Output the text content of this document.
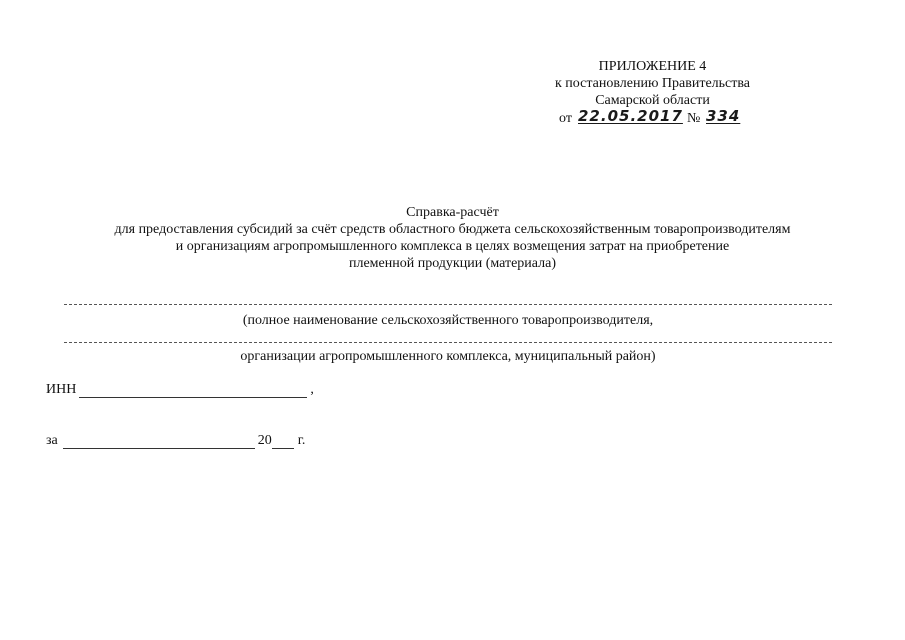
ПРИЛОЖЕНИЕ 4
к постановлению Правительства
Самарской области
от 22.05.2017 № 334
Справка-расчёт
для предоставления субсидий за счёт средств областного бюджета сельскохозяйственным товаропроизводителям
и организациям агропромышленного комплекса в целях возмещения затрат на приобретение
племенной продукции (материала)
(полное наименование сельскохозяйственного товаропроизводителя,
организации агропромышленного комплекса, муниципальный район)
ИНН	,
за	20 г.
